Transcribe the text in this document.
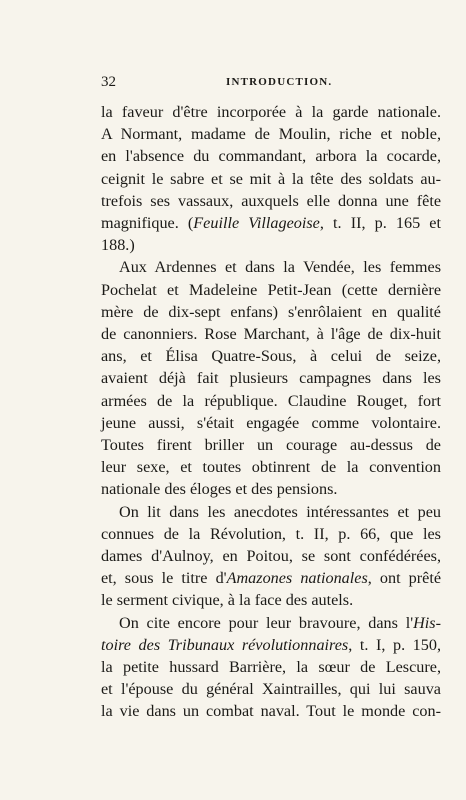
32	INTRODUCTION.
la faveur d'être incorporée à la garde nationale.
A Normant, madame de Moulin, riche et noble,
en l'absence du commandant, arbora la cocarde,
ceignit le sabre et se mit à la tête des soldats au-
trefois ses vassaux, auxquels elle donna une fête
magnifique. (Feuille Villageoise, t. II, p. 165 et
188.)
Aux Ardennes et dans la Vendée, les femmes
Pochelat et Madeleine Petit-Jean (cette dernière
mère de dix-sept enfans) s'enrôlaient en qualité
de canonniers. Rose Marchant, à l'âge de dix-huit
ans, et Élisa Quatre-Sous, à celui de seize,
avaient déjà fait plusieurs campagnes dans les
armées de la république. Claudine Rouget, fort
jeune aussi, s'était engagée comme volontaire.
Toutes firent briller un courage au-dessus de
leur sexe, et toutes obtinrent de la convention
nationale des éloges et des pensions.
On lit dans les anecdotes intéressantes et peu
connues de la Révolution, t. II, p. 66, que les
dames d'Aulnoy, en Poitou, se sont confédérées,
et, sous le titre d'Amazones nationales, ont prêté
le serment civique, à la face des autels.
On cite encore pour leur bravoure, dans l'His-
toire des Tribunaux révolutionnaires, t. I, p. 150,
la petite hussard Barrière, la sœur de Lescure,
et l'épouse du général Xaintrailles, qui lui sauva
la vie dans un combat naval. Tout le monde con-
